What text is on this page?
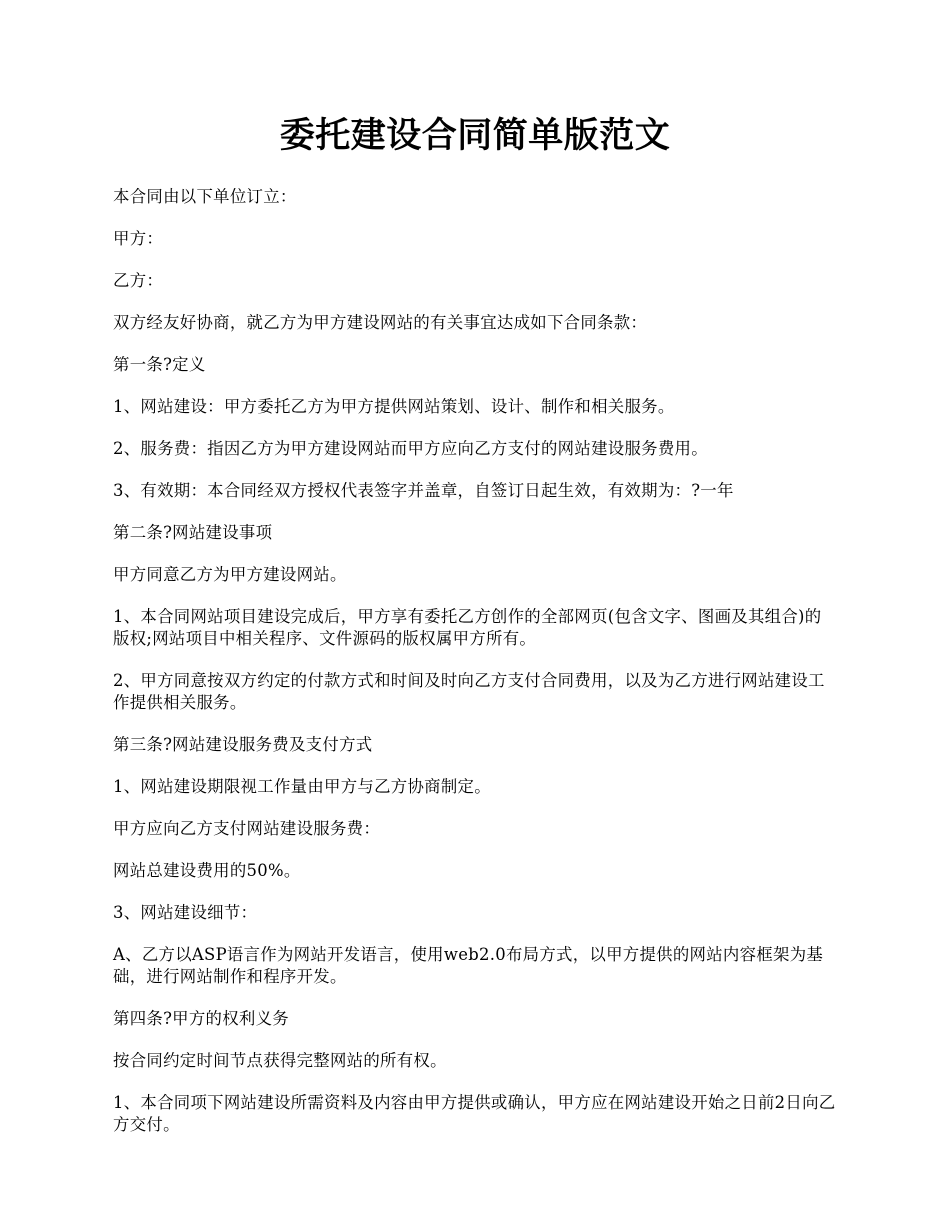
委托建设合同简单版范文

本合同由以下单位订立：

甲方：

乙方：

双方经友好协商，就乙方为甲方建设网站的有关事宜达成如下合同条款：

第一条?定义

1、网站建设：甲方委托乙方为甲方提供网站策划、设计、制作和相关服务。

2、服务费：指因乙方为甲方建设网站而甲方应向乙方支付的网站建设服务费用。

3、有效期：本合同经双方授权代表签字并盖章，自签订日起生效，有效期为：?一年

第二条?网站建设事项

甲方同意乙方为甲方建设网站。

1、本合同网站项目建设完成后，甲方享有委托乙方创作的全部网页(包含文字、图画及其组合)的版权;网站项目中相关程序、文件源码的版权属甲方所有。

2、甲方同意按双方约定的付款方式和时间及时向乙方支付合同费用，以及为乙方进行网站建设工作提供相关服务。

第三条?网站建设服务费及支付方式

1、网站建设期限视工作量由甲方与乙方协商制定。

甲方应向乙方支付网站建设服务费：

网站总建设费用的50%。

3、网站建设细节：

A、乙方以ASP语言作为网站开发语言，使用web2.0布局方式，以甲方提供的网站内容框架为基础，进行网站制作和程序开发。

第四条?甲方的权利义务

按合同约定时间节点获得完整网站的所有权。

1、本合同项下网站建设所需资料及内容由甲方提供或确认，甲方应在网站建设开始之日前2日向乙方交付。
